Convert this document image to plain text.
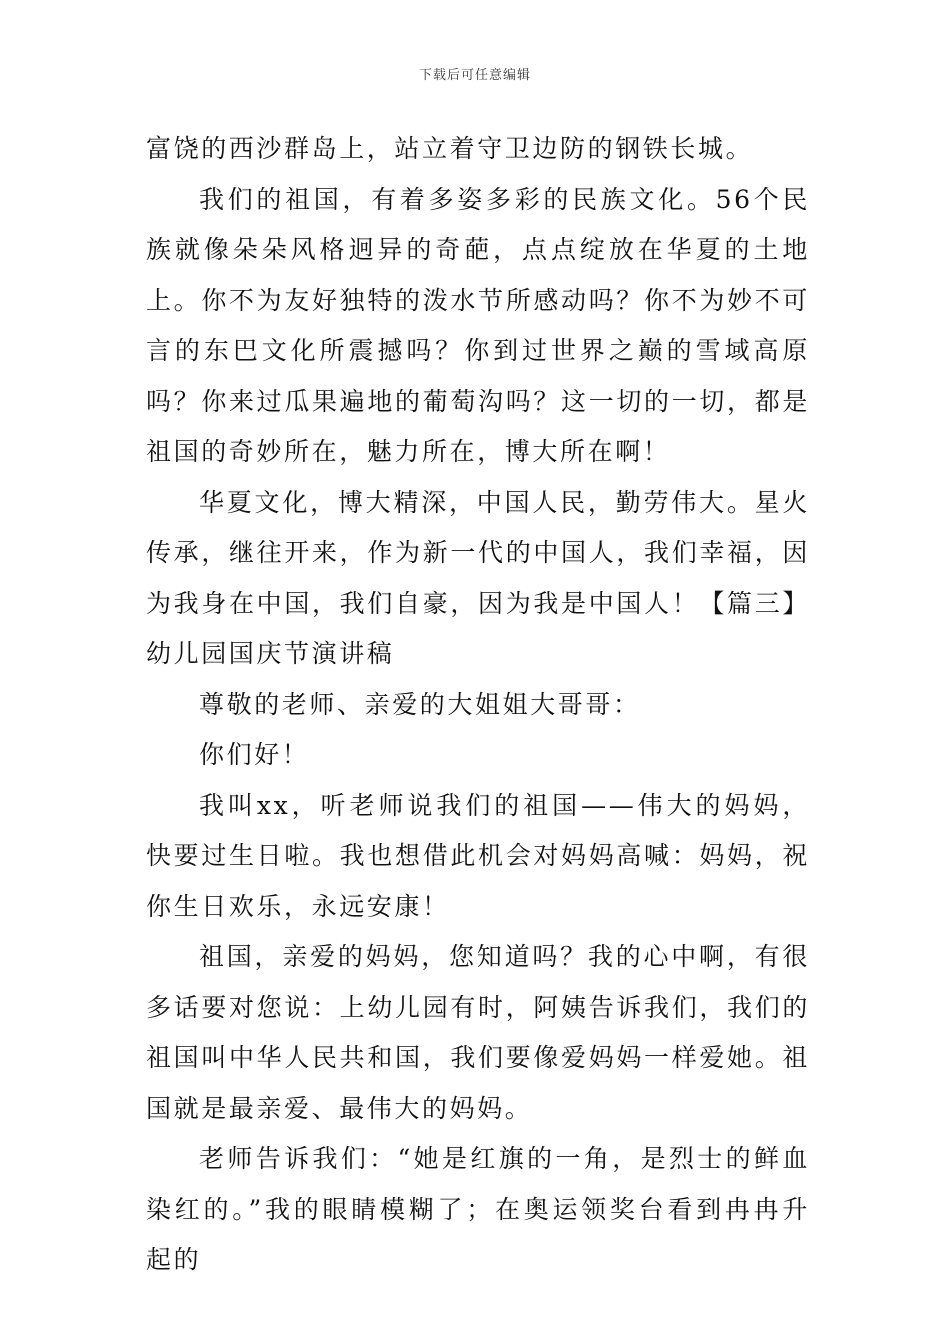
下载后可任意编辑

富饶的西沙群岛上，站立着守卫边防的钢铁长城。

我们的祖国，有着多姿多彩的民族文化。56个民族就像朵朵风格迥异的奇葩，点点绽放在华夏的土地上。你不为友好独特的泼水节所感动吗？你不为妙不可言的东巴文化所震撼吗？你到过世界之巅的雪域高原吗？你来过瓜果遍地的葡萄沟吗？这一切的一切，都是祖国的奇妙所在，魅力所在，博大所在啊！

华夏文化，博大精深，中国人民，勤劳伟大。星火传承，继往开来，作为新一代的中国人，我们幸福，因为我身在中国，我们自豪，因为我是中国人！【篇三】幼儿园国庆节演讲稿

尊敬的老师、亲爱的大姐姐大哥哥：

你们好！

我叫xx，听老师说我们的祖国——伟大的妈妈，快要过生日啦。我也想借此机会对妈妈高喊：妈妈，祝你生日欢乐，永远安康！

祖国，亲爱的妈妈，您知道吗？我的心中啊，有很多话要对您说：上幼儿园有时，阿姨告诉我们，我们的祖国叫中华人民共和国，我们要像爱妈妈一样爱她。祖国就是最亲爱、最伟大的妈妈。

老师告诉我们：“她是红旗的一角，是烈士的鲜血染红的。”我的眼睛模糊了；在奥运领奖台看到冉冉升起的
